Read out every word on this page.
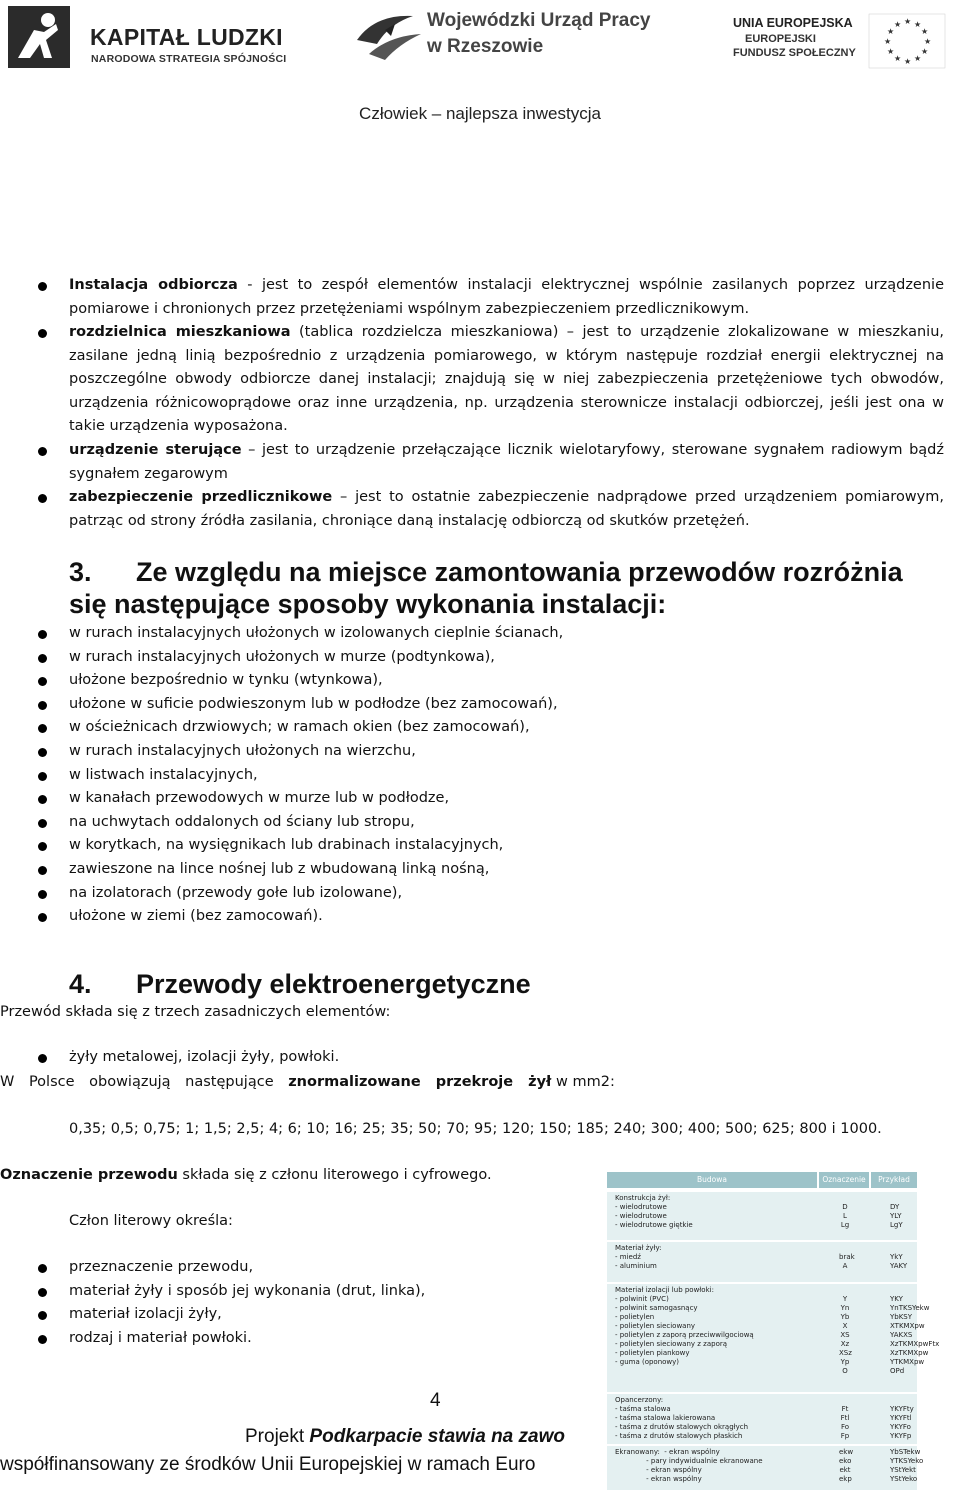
KAPITAŁ LUDZKI
NARODOWA STRATEGIA SPÓJNOŚCI
Wojewódzki Urząd Pracy
w Rzeszowie
UNIA EUROPEJSKA
EUROPEJSKI
FUNDUSZ SPOŁECZNY
★ ★
★
★
★
★
★
★
★
★
★
★
Człowiek – najlepsza inwestycja
Instalacja odbiorcza - jest to zespół elementów instalacji elektrycznej wspólnie zasilanych poprzez urządzenie pomiarowe i chronionych przez przetężeniami wspólnym zabezpieczeniem przedlicznikowym.
rozdzielnica mieszkaniowa (tablica rozdzielcza mieszkaniowa) – jest to urządzenie zlokalizowane w mieszkaniu, zasilane jedną linią bezpośrednio z urządzenia pomiarowego, w którym następuje rozdział energii elektrycznej na poszczególne obwody odbiorcze danej instalacji; znajdują się w niej zabezpieczenia przetężeniowe tych obwodów, urządzenia różnicowoprądowe oraz inne urządzenia, np. urządzenia sterownicze instalacji odbiorczej, jeśli jest ona w takie urządzenia wyposażona.
urządzenie sterujące – jest to urządzenie przełączające licznik wielotaryfowy, sterowane sygnałem radiowym bądź sygnałem zegarowym
zabezpieczenie przedlicznikowe – jest to ostatnie zabezpieczenie nadprądowe przed urządzeniem pomiarowym, patrząc od strony źródła zasilania, chroniące daną instalację odbiorczą od skutków przetężeń.
3. Ze względu na miejsce zamontowania przewodów rozróżnia
się następujące sposoby wykonania instalacji:
w rurach instalacyjnych ułożonych w izolowanych cieplnie ścianach,
w rurach instalacyjnych ułożonych w murze (podtynkowa),
ułożone bezpośrednio w tynku (wtynkowa),
ułożone w suficie podwieszonym lub w podłodze (bez zamocowań),
w ościeżnicach drzwiowych; w ramach okien (bez zamocowań),
w rurach instalacyjnych ułożonych na wierzchu,
w listwach instalacyjnych,
w kanałach przewodowych w murze lub w podłodze,
na uchwytach oddalonych od ściany lub stropu,
w korytkach, na wysięgnikach lub drabinach instalacyjnych,
zawieszone na lince nośnej lub z wbudowaną linką nośną,
na izolatorach (przewody gołe lub izolowane),
ułożone w ziemi (bez zamocowań).
4. Przewody elektroenergetyczne
Przewód składa się z trzech zasadniczych elementów:
żyły metalowej, izolacji żyły, powłoki.
W Polsce obowiązują następujące znormalizowane przekroje żył w mm2:
0,35; 0,5; 0,75; 1; 1,5; 2,5; 4; 6; 10; 16; 25; 35; 50; 70; 95; 120; 150; 185; 240; 300; 400; 500; 625; 800 i 1000.
Oznaczenie przewodu składa się z członu literowego i cyfrowego.
Człon literowy określa:
przeznaczenie przewodu,
materiał żyły i sposób jej wykonania (drut, linka),
materiał izolacji żyły,
rodzaj i materiał powłoki.
Budowa	Oznaczenie	Przykład
Konstrukcja żył:
- wielodrutowe
- wielodrutowe
- wielodrutowe giętkie

D
L
Lg

DY
YLY
LgY
Materiał żyły:
- miedź
- aluminium

brak
A

YkY
YAKY
Materiał izolacji lub powłoki:
- polwinit (PVC)
- polwinit samogasnący
- polietylen
- polietylen sieciowany
- polietylen z zaporą przeciwwilgociową
- polietylen sieciowany z zaporą
- polietylen piankowy
- guma (oponowy)

Y
Yn
Yb
X
XS
Xz
XSz
Yp
O

YKY
YnTKSYekw
YbKSY
XTKMXpw
YAKXS
XzTKMXpwFtx
XzTKMXpw
YTKMXpw
OPd
Opancerzony:
- taśma stalowa
- taśma stalowa lakierowana
- taśma z drutów stalowych okrągłych
- taśma z drutów stalowych płaskich

Ft
Ftl
Fo
Fp

YKYFty
YKYFtl
YKYFo
YKYFp
Ekranowany:  - ekran wspólny
- pary indywidualnie ekranowane
- ekran wspólny
- ekran wspólny
ekw
eko
ekt
ekp
YbSTekw
YTKSYeko
YStYekt
YStYeko
4
Projekt Podkarpacie stawia na zawo
współfinansowany ze środków Unii Europejskiej w ramach Euro
